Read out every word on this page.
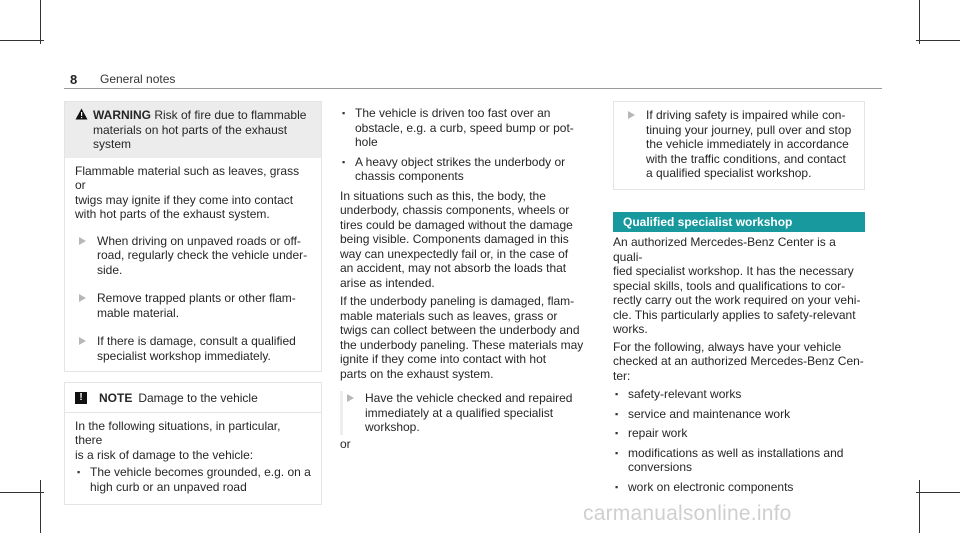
8 General notes

WARNING Risk of fire due to flammable

materials on hot parts of the exhaust

system

Flammable material such as leaves, grass or

twigs may ignite if they come into contact

with hot parts of the exhaust system.

When driving on unpaved roads or off-

road, regularly check the vehicle under-

side.

Remove trapped plants or other flam-

mable material.

If there is damage, consult a qualified

specialist workshop immediately.

!	NOTE Damage to the vehicle

In the following situations, in particular, there

is a risk of damage to the vehicle:

▪ The vehicle becomes grounded, e.g. on a
high curb or an unpaved road
▪ The vehicle is driven too fast over an
obstacle, e.g. a curb, speed bump or pot-
hole
▪ A heavy object strikes the underbody or
chassis components

In situations such as this, the body, the

underbody, chassis components, wheels or

tires could be damaged without the damage

being visible. Components damaged in this

way can unexpectedly fail or, in the case of

an accident, may not absorb the loads that

arise as intended.

If the underbody paneling is damaged, flam-

mable materials such as leaves, grass or

twigs can collect between the underbody and

the underbody paneling. These materials may

ignite if they come into contact with hot

parts on the exhaust system.

Have the vehicle checked and repaired

immediately at a qualified specialist

workshop.

or

If driving safety is impaired while con-

tinuing your journey, pull over and stop

the vehicle immediately in accordance

with the traffic conditions, and contact

a qualified specialist workshop.

Qualified specialist workshop

An authorized Mercedes-Benz Center is a quali-

fied specialist workshop. It has the necessary

special skills, tools and qualifications to cor-

rectly carry out the work required on your vehi-

cle. This particularly applies to safety-relevant

works.

For the following, always have your vehicle

checked at an authorized Mercedes-Benz Cen-

ter:

▪ safety-relevant works
▪ service and maintenance work
▪ repair work
▪ modifications as well as installations and
conversions
▪ work on electronic components
carmanualsonline.info
